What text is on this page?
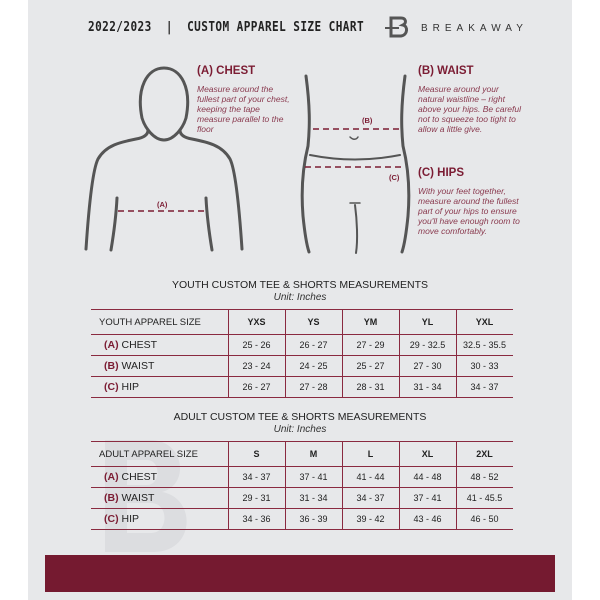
2022/2023  |  CUSTOM APPAREL SIZE CHART	BREAKAWAY
(A)
(B)
(C)
(A) CHEST
Measure around the fullest part of your chest, keeping the tape measure parallel to the floor
(B) WAIST
Measure around your natural waistline – right above your hips. Be careful not to squeeze too tight to allow a little give.
(C) HIPS
With your feet together, measure around the fullest part of your hips to ensure you'll have enough room to move comfortably.
YOUTH CUSTOM TEE & SHORTS MEASUREMENTS
Unit: Inches
YOUTH APPAREL SIZE	YXS	YS	YM	YL	YXL
(A) CHEST	25 - 26	26 - 27	27 - 29	29 - 32.5	32.5 - 35.5
(B) WAIST	23 - 24	24 - 25	25 - 27	27 - 30	30 - 33
(C) HIP	26 - 27	27 - 28	28 - 31	31 - 34	34 - 37
ADULT CUSTOM TEE & SHORTS MEASUREMENTS
Unit: Inches
ADULT APPAREL SIZE	S	M	L	XL	2XL
(A) CHEST	34 - 37	37 - 41	41 - 44	44 - 48	48 - 52
(B) WAIST	29 - 31	31 - 34	34 - 37	37 - 41	41 - 45.5
(C) HIP	34 - 36	36 - 39	39 - 42	43 - 46	46 - 50
